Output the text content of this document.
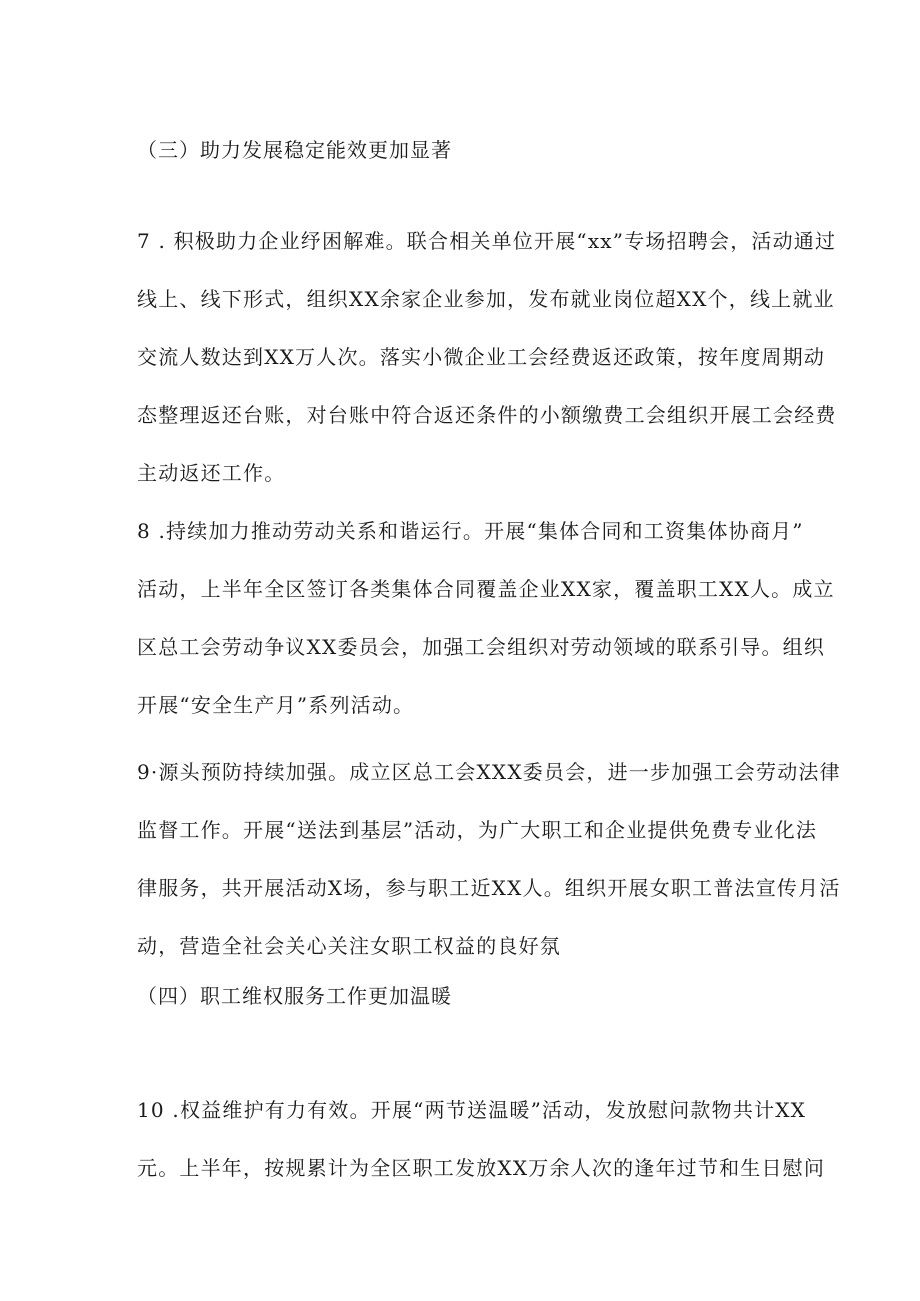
（三）助力发展稳定能效更加显著
7 . 积极助力企业纾困解难。联合相关单位开展“xx”专场招聘会，活动通过
线上、线下形式，组织XX余家企业参加，发布就业岗位超XX个，线上就业
交流人数达到XX万人次。落实小微企业工会经费返还政策，按年度周期动
态整理返还台账，对台账中符合返还条件的小额缴费工会组织开展工会经费
主动返还工作。
8 .持续加力推动劳动关系和谐运行。开展“集体合同和工资集体协商月”
活动，上半年全区签订各类集体合同覆盖企业XX家，覆盖职工XX人。成立
区总工会劳动争议XX委员会，加强工会组织对劳动领域的联系引导。组织
开展“安全生产月”系列活动。
9·源头预防持续加强。成立区总工会XXX委员会，进一步加强工会劳动法律
监督工作。开展“送法到基层”活动，为广大职工和企业提供免费专业化法
律服务，共开展活动X场，参与职工近XX人。组织开展女职工普法宣传月活
动，营造全社会关心关注女职工权益的良好氛
（四）职工维权服务工作更加温暖
10 .权益维护有力有效。开展“两节送温暖”活动，发放慰问款物共计XX
元。上半年，按规累计为全区职工发放XX万余人次的逢年过节和生日慰问
